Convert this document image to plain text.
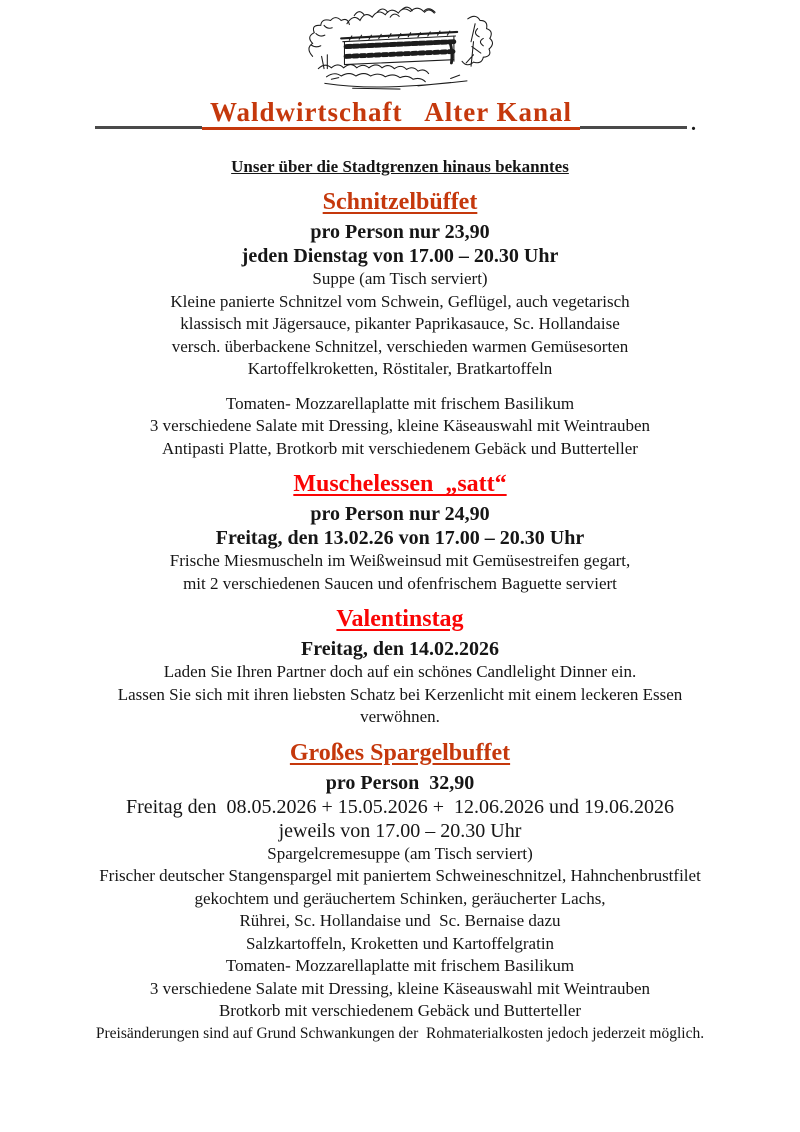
Waldwirtschaft   Alter Kanal	.
Unser über die Stadtgrenzen hinaus bekanntes
Schnitzelbüffet
pro Person nur 23,90
jeden Dienstag von 17.00 – 20.30 Uhr
Suppe (am Tisch serviert)
Kleine panierte Schnitzel vom Schwein, Geflügel, auch vegetarisch
klassisch mit Jägersauce, pikanter Paprikasauce, Sc. Hollandaise
versch. überbackene Schnitzel, verschieden warmen Gemüsesorten
Kartoffelkroketten, Röstitaler, Bratkartoffeln
Tomaten- Mozzarellaplatte mit frischem Basilikum
3 verschiedene Salate mit Dressing, kleine Käseauswahl mit Weintrauben
Antipasti Platte, Brotkorb mit verschiedenem Gebäck und Butterteller
Muschelessen  „satt“
pro Person nur 24,90
Freitag, den 13.02.26 von 17.00 – 20.30 Uhr
Frische Miesmuscheln im Weißweinsud mit Gemüsestreifen gegart,
mit 2 verschiedenen Saucen und ofenfrischem Baguette serviert
Valentinstag
Freitag, den 14.02.2026
Laden Sie Ihren Partner doch auf ein schönes Candlelight Dinner ein.
Lassen Sie sich mit ihren liebsten Schatz bei Kerzenlicht mit einem leckeren Essen
verwöhnen.
Großes Spargelbuffet
pro Person  32,90
Freitag den  08.05.2026 + 15.05.2026 +  12.06.2026 und 19.06.2026
jeweils von 17.00 – 20.30 Uhr
Spargelcremesuppe (am Tisch serviert)
Frischer deutscher Stangenspargel mit paniertem Schweineschnitzel, Hahnchenbrustfilet
gekochtem und geräuchertem Schinken, geräucherter Lachs,
Rührei, Sc. Hollandaise und  Sc. Bernaise dazu
Salzkartoffeln, Kroketten und Kartoffelgratin
Tomaten- Mozzarellaplatte mit frischem Basilikum
3 verschiedene Salate mit Dressing, kleine Käseauswahl mit Weintrauben
Brotkorb mit verschiedenem Gebäck und Butterteller
Preisänderungen sind auf Grund Schwankungen der  Rohmaterialkosten jedoch jederzeit möglich.
